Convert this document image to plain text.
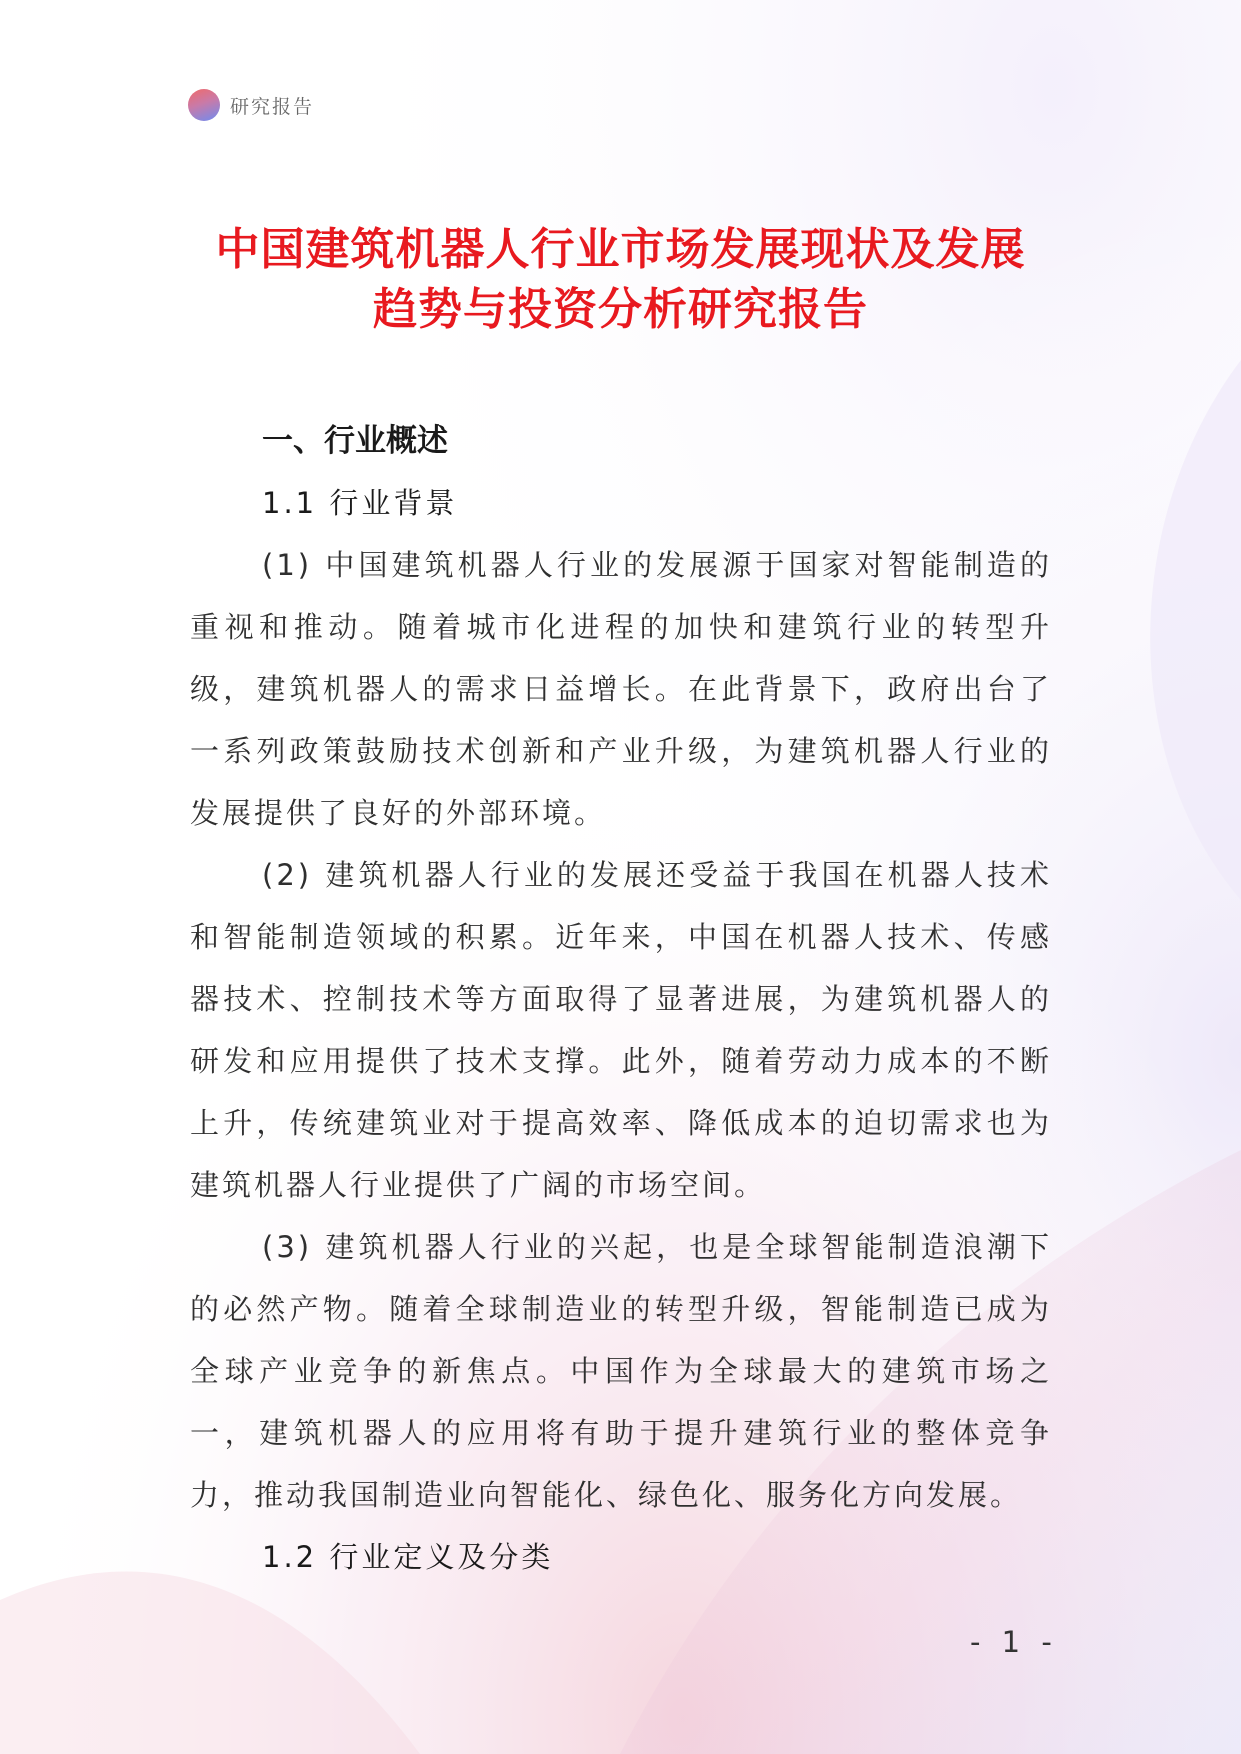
研究报告
中国建筑机器人行业市场发展现状及发展
趋势与投资分析研究报告

一、行业概述

1.1 行业背景

(1) 中国建筑机器人行业的发展源于国家对智能制造的重视和推动。随着城市化进程的加快和建筑行业的转型升级，建筑机器人的需求日益增长。在此背景下，政府出台了一系列政策鼓励技术创新和产业升级，为建筑机器人行业的发展提供了良好的外部环境。

(2) 建筑机器人行业的发展还受益于我国在机器人技术和智能制造领域的积累。近年来，中国在机器人技术、传感器技术、控制技术等方面取得了显著进展，为建筑机器人的研发和应用提供了技术支撑。此外，随着劳动力成本的不断上升，传统建筑业对于提高效率、降低成本的迫切需求也为建筑机器人行业提供了广阔的市场空间。

(3) 建筑机器人行业的兴起，也是全球智能制造浪潮下的必然产物。随着全球制造业的转型升级，智能制造已成为全球产业竞争的新焦点。中国作为全球最大的建筑市场之一，建筑机器人的应用将有助于提升建筑行业的整体竞争力，推动我国制造业向智能化、绿色化、服务化方向发展。

1.2 行业定义及分类

- 1 -
